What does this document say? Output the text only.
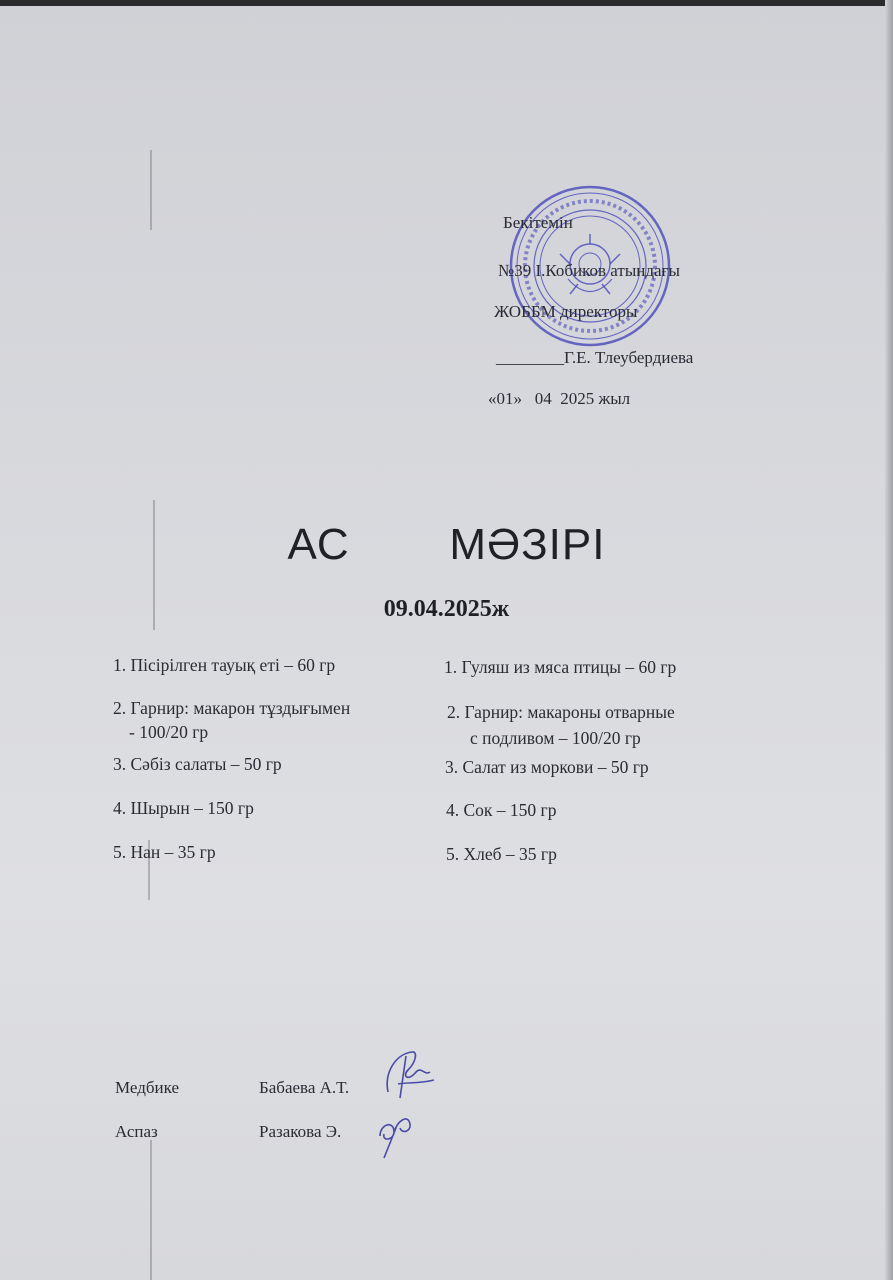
Бекітемін
№39 І.Кобиков атындағы
ЖОББМ директоры
________Г.Е. Тлеубердиева
«01»   04  2025 жыл
АС   МӘЗІРІ
09.04.2025ж
1. Пісірілген тауық еті – 60 гр
2. Гарнир: макарон тұздығымен
- 100/20 гр
3. Сәбіз салаты – 50 гр
4. Шырын – 150 гр
5. Нан – 35 гр
1. Гуляш из мяса птицы – 60 гр
2. Гарнир: макароны отварные
с подливом – 100/20 гр
3. Салат из моркови – 50 гр
4. Сок – 150 гр
5. Хлеб – 35 гр
Медбике	Бабаева А.Т.
Аспаз	Разакова Э.
